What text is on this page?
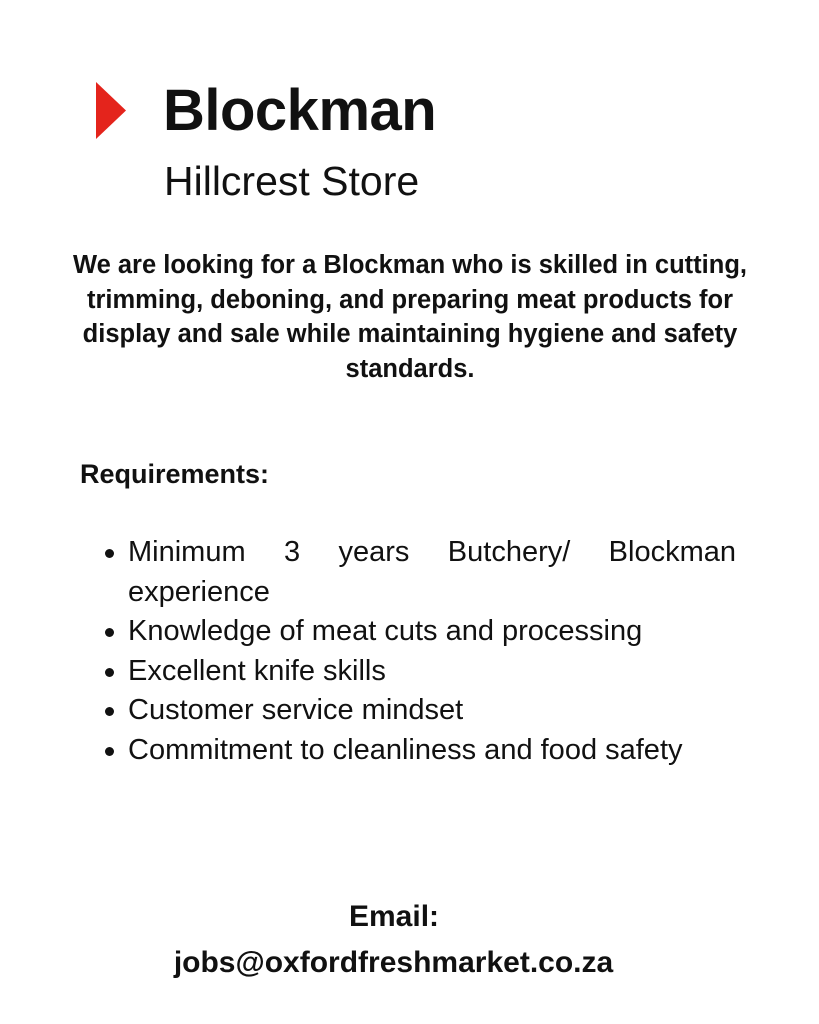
Blockman
Hillcrest Store
We are looking for a Blockman who is skilled in cutting, trimming, deboning, and preparing meat products for display and sale while maintaining hygiene and safety standards.
Requirements:
Minimum 3 years Butchery/ Blockman experience
Knowledge of meat cuts and processing
Excellent knife skills
Customer service mindset
Commitment to cleanliness and food safety
Email:
jobs@oxfordfreshmarket.co.za
